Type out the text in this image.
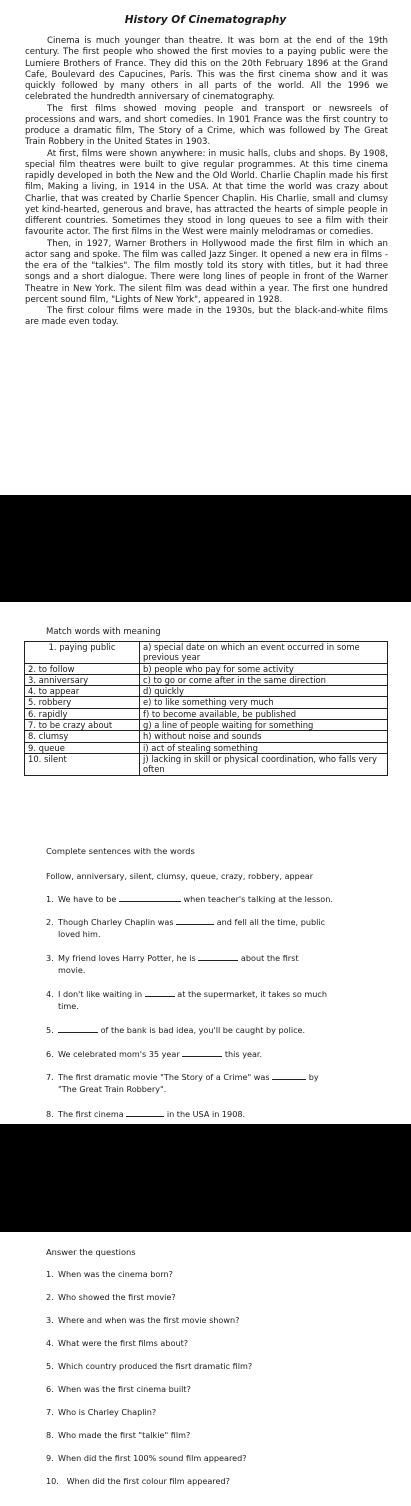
History Of Cinematography

Cinema is much younger than theatre. It was born at the end of the 19th century. The first people who showed the first movies to a paying public were the Lumiere Brothers of France. They did this on the 20th February 1896 at the Grand Cafe, Boulevard des Capucines, Paris. This was the first cinema show and it was quickly followed by many others in all parts of the world. All the 1996 we celebrated the hundredth anniversary of cinematography.

The first films showed moving people and transport or newsreels of processions and wars, and short comedies. In 1901 France was the first country to produce a dramatic film, The Story of a Crime, which was followed by The Great Train Robbery in the United States in 1903.

At first, films were shown anywhere: in music halls, clubs and shops. By 1908, special film theatres were built to give regular programmes. At this time cinema rapidly developed in both the New and the Old World. Charlie Chaplin made his first film, Making a living, in 1914 in the USA. At that time the world was crazy about Charlie, that was created by Charlie Spencer Chaplin. His Charlie, small and clumsy yet kind-hearted, generous and brave, has attracted the hearts of simple people in different countries. Sometimes they stood in long queues to see a film with their favourite actor. The first films in the West were mainly melodramas or comedies.

Then, in 1927, Warner Brothers in Hollywood made the first film in which an actor sang and spoke. The film was called Jazz Singer. It opened a new era in films - the era of the "talkies". The film mostly told its story with titles, but it had three songs and a short dialogue. There were long lines of people in front of the Warner Theatre in New York. The silent film was dead within a year. The first one hundred percent sound film, "Lights of New York", appeared in 1928.

The first colour films were made in the 1930s, but the black-and-white films are made even today.

Match words with meaning
1. paying public	a) special date on which an event occurred in some previous year
2. to follow	b) people who pay for some activity
3. anniversary	c) to go or come after in the same direction
4. to appear	d) quickly
5. robbery	e) to like something very much
6. rapidly	f) to become available, be published
7. to be crazy about	g) a line of people waiting for something
8. clumsy	h) without noise and sounds
9. queue	i) act of stealing something
10. silent	j) lacking in skill or physical coordination, who falls very often
Complete sentences with the words
Follow, anniversary, silent, clumsy, queue, crazy, robbery, appear
1. We have to be	when teacher's talking at the lesson.
2. Though Charley Chaplin was	and fell all the time, public
loved him.
3. My friend loves Harry Potter, he is	about the first
movie.
4. I don't like waiting in	at the supermarket, it takes so much
time.
5.	of the bank is bad idea, you'll be caught by police.
6. We celebrated mom's 35 year	this year.
7. The first dramatic movie "The Story of a Crime" was	by
"The Great Train Robbery".
8. The first cinema	in the USA in 1908.
Answer the questions
1. When was the cinema born?
2. Who showed the first movie?
3. Where and when was the first movie shown?
4. What were the first films about?
5. Which country produced the fisrt dramatic film?
6. When was the first cinema built?
7. Who is Charley Chaplin?
8. Who made the first "talkie" film?
9. When did the first 100% sound film appeared?
10. When did the first colour film appeared?
